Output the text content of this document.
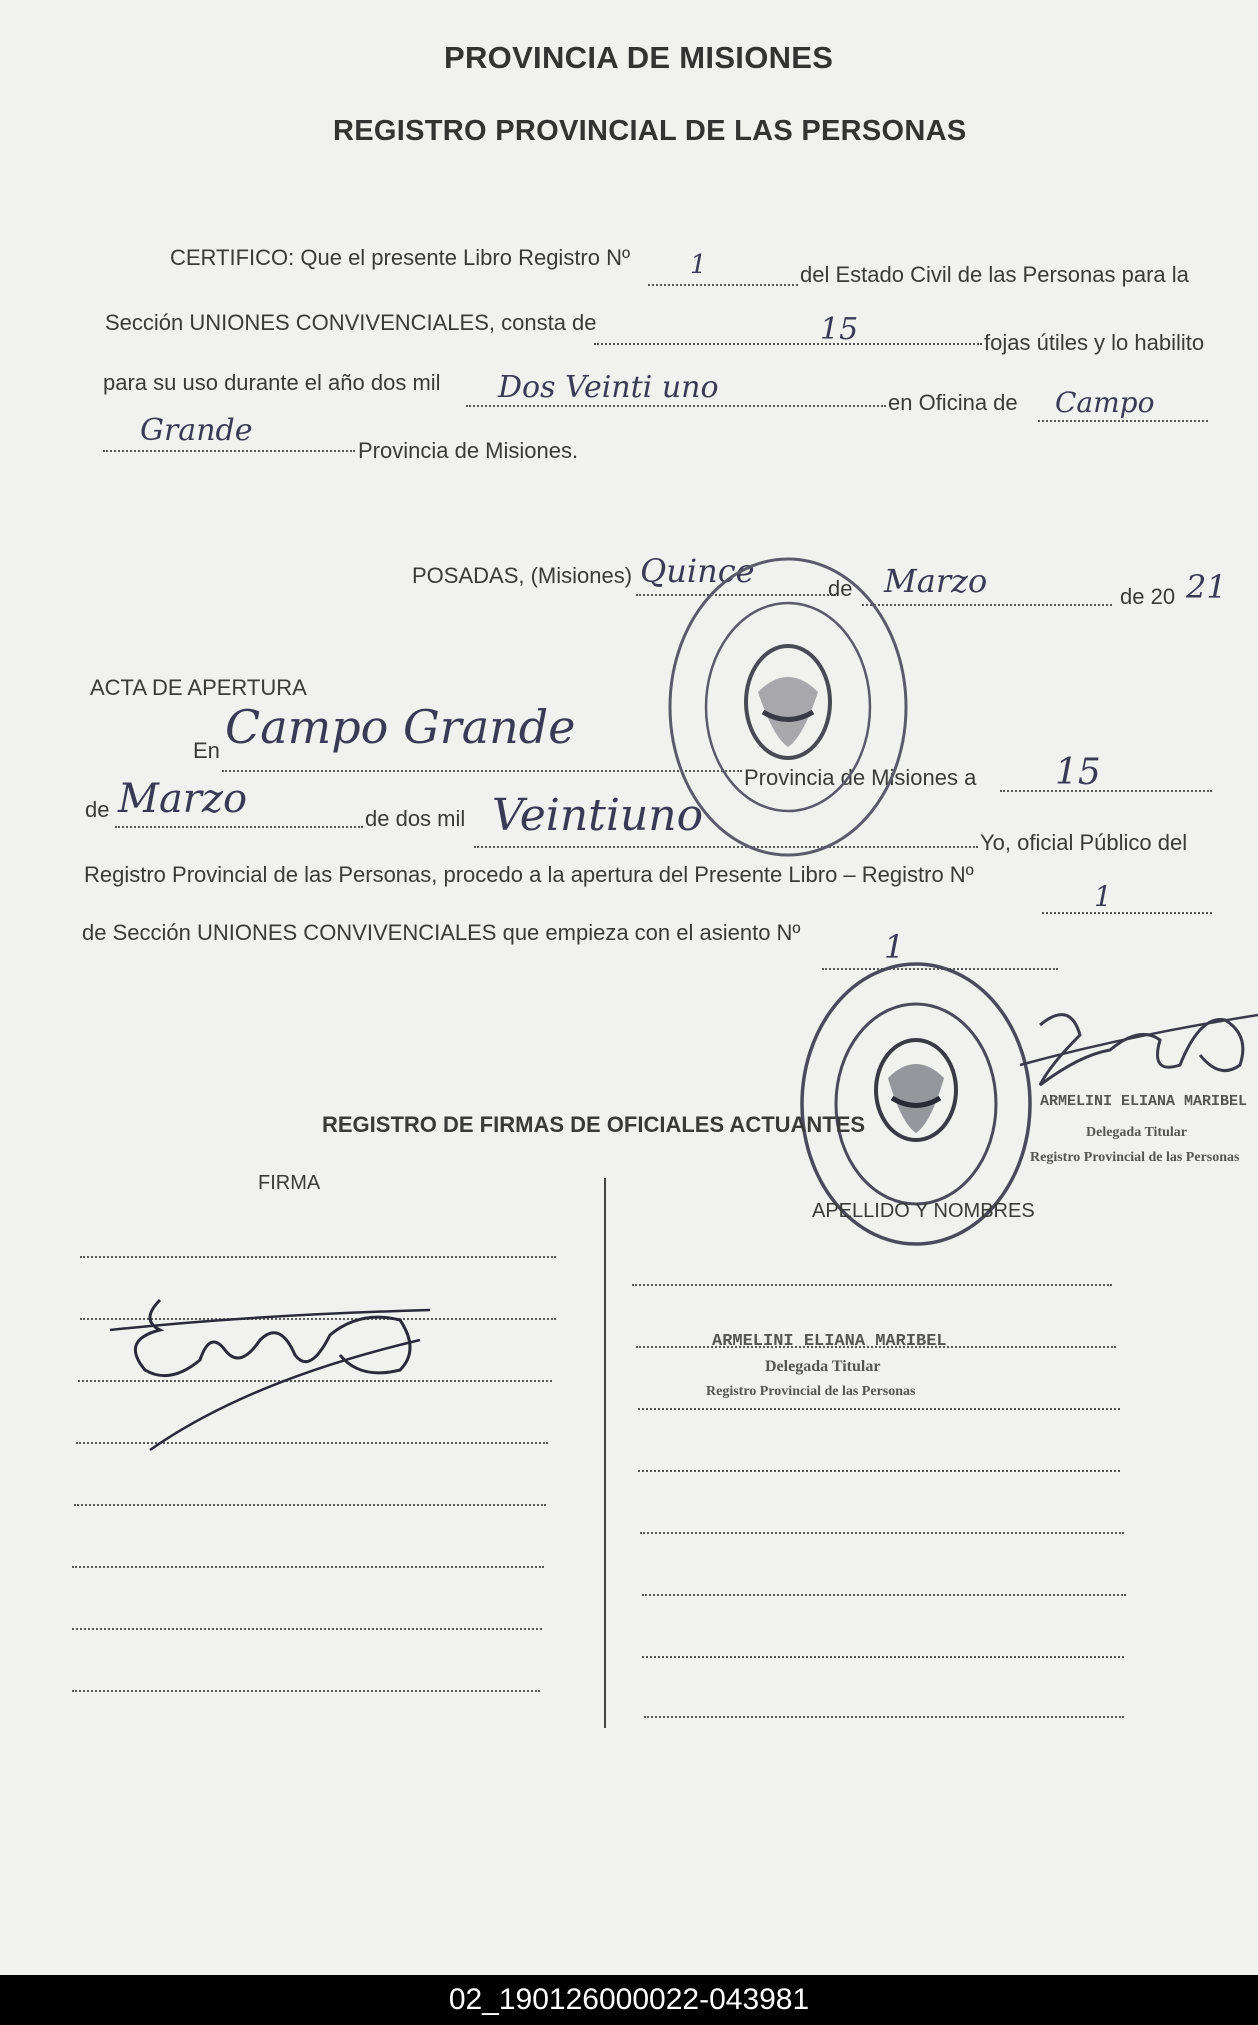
PROVINCIA DE MISIONES
REGISTRO PROVINCIAL DE LAS PERSONAS
CERTIFICO: Que el presente Libro Registro Nº 1	del Estado Civil de las Personas para la
Sección UNIONES CONVIVENCIALES, consta de	15	fojas útiles y lo habilito
para su uso durante el año dos mil Dos Veinti uno	en Oficina de Campo
Grande
Provincia de Misiones.
POSADAS, (Misiones) Quince	de Marzo	de 20 21
ACTA DE APERTURA
En Campo Grande
Provincia de Misiones a 15
de Marzo	de dos mil Veintiuno
Yo, oficial Público del
Registro Provincial de las Personas, procedo a la apertura del Presente Libro – Registro Nº
1
de Sección UNIONES CONVIVENCIALES que empieza con el asiento Nº	1
ARMELINI ELIANA MARIBEL
Delegada Titular
Registro Provincial de las Personas
REGISTRO DE FIRMAS DE OFICIALES ACTUANTES
FIRMA
APELLIDO Y NOMBRES
ARMELINI ELIANA MARIBEL
Delegada Titular
Registro Provincial de las Personas
02_190126000022-043981
